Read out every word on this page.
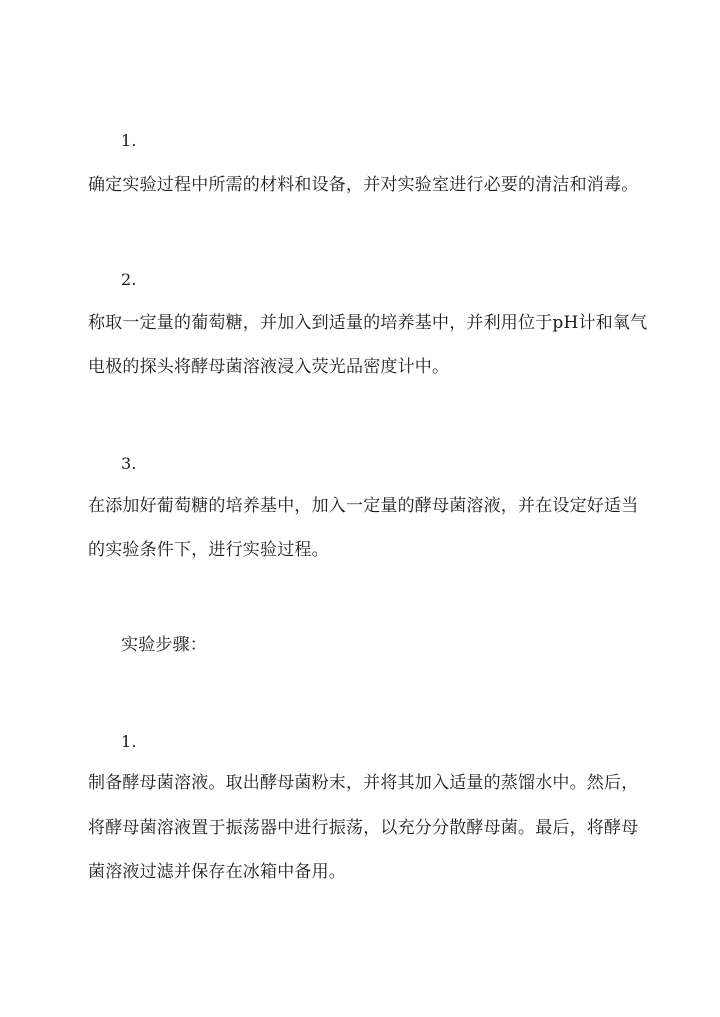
1.
确定实验过程中所需的材料和设备，并对实验室进行必要的清洁和消毒。
2.
称取一定量的葡萄糖，并加入到适量的培养基中，并利用位于pH计和氧气
电极的探头将酵母菌溶液浸入荧光品密度计中。
3.
在添加好葡萄糖的培养基中，加入一定量的酵母菌溶液，并在设定好适当
的实验条件下，进行实验过程。
实验步骤：
1.
制备酵母菌溶液。取出酵母菌粉末，并将其加入适量的蒸馏水中。然后，
将酵母菌溶液置于振荡器中进行振荡，以充分分散酵母菌。最后，将酵母
菌溶液过滤并保存在冰箱中备用。
